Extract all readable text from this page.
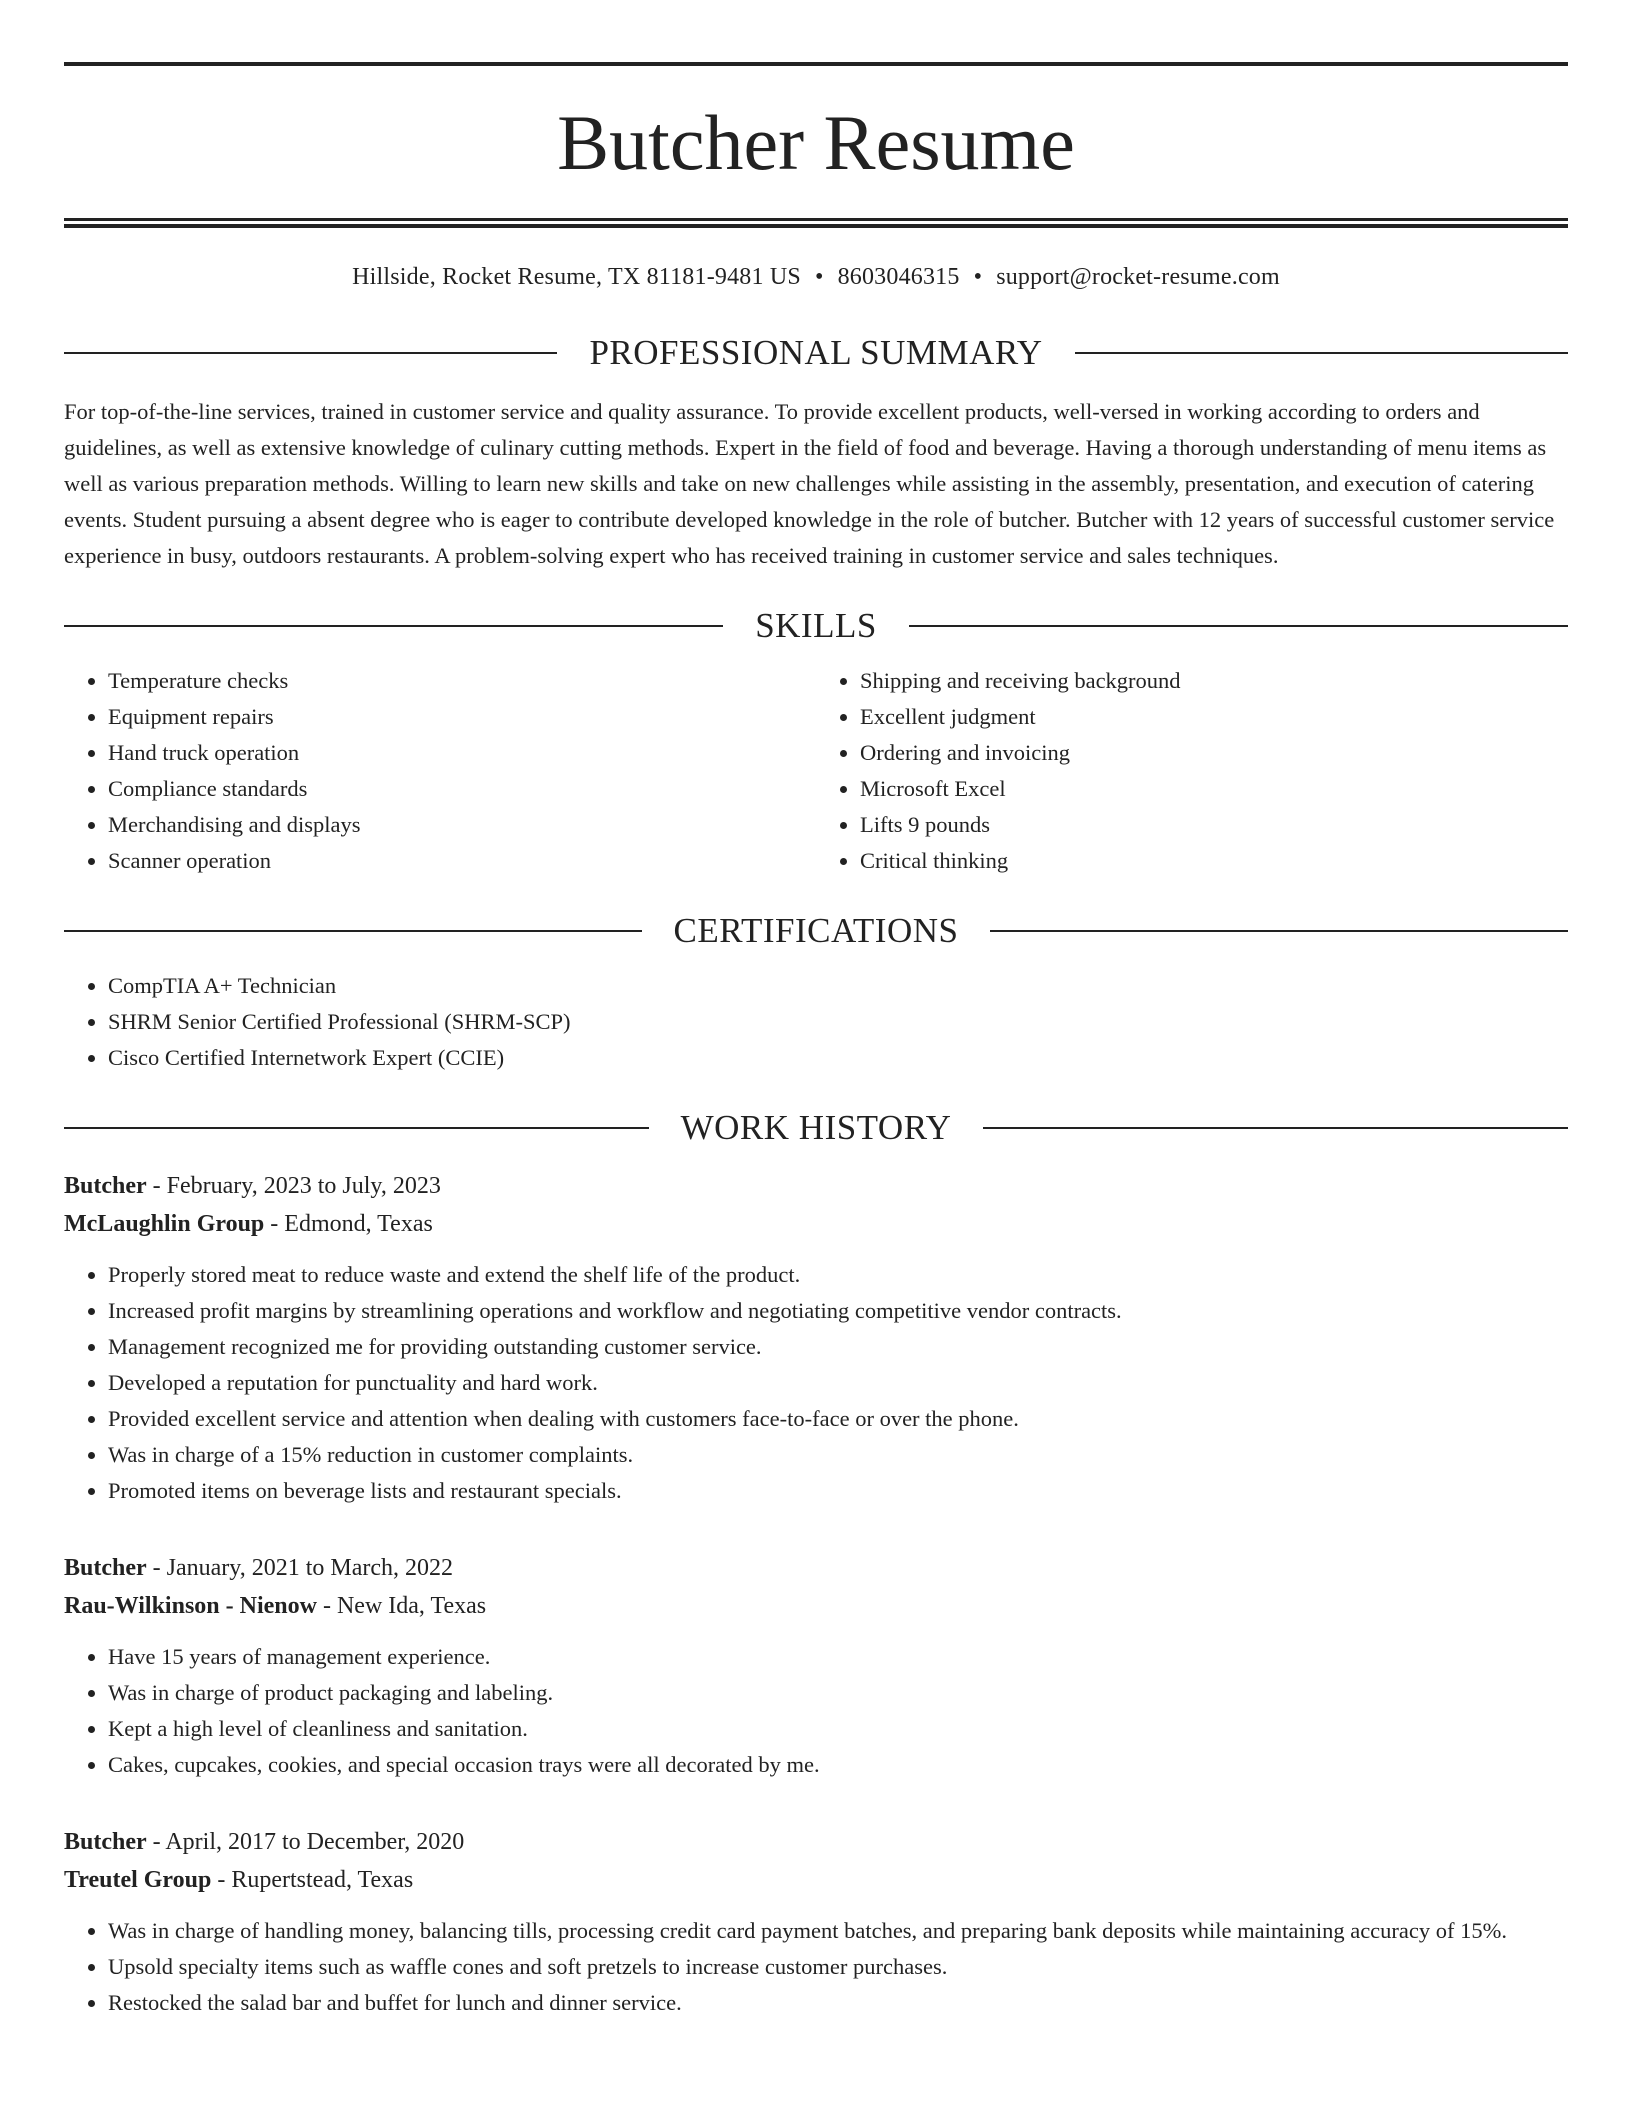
Butcher Resume
Hillside, Rocket Resume, TX 81181-9481 US • 8603046315 • support@rocket-resume.com
PROFESSIONAL SUMMARY

For top-of-the-line services, trained in customer service and quality assurance. To provide excellent products, well-versed in working according to orders and guidelines, as well as extensive knowledge of culinary cutting methods. Expert in the field of food and beverage. Having a thorough understanding of menu items as well as various preparation methods. Willing to learn new skills and take on new challenges while assisting in the assembly, presentation, and execution of catering events. Student pursuing a absent degree who is eager to contribute developed knowledge in the role of butcher. Butcher with 12 years of successful customer service experience in busy, outdoors restaurants. A problem-solving expert who has received training in customer service and sales techniques.

SKILLS
• Temperature checks
• Equipment repairs
• Hand truck operation
• Compliance standards
• Merchandising and displays
• Scanner operation
• Shipping and receiving background
• Excellent judgment
• Ordering and invoicing
• Microsoft Excel
• Lifts 9 pounds
• Critical thinking
CERTIFICATIONS
• CompTIA A+ Technician
• SHRM Senior Certified Professional (SHRM-SCP)
• Cisco Certified Internetwork Expert (CCIE)
WORK HISTORY
Butcher - February, 2023 to July, 2023
McLaughlin Group - Edmond, Texas
• Properly stored meat to reduce waste and extend the shelf life of the product.
• Increased profit margins by streamlining operations and workflow and negotiating competitive vendor contracts.
• Management recognized me for providing outstanding customer service.
• Developed a reputation for punctuality and hard work.
• Provided excellent service and attention when dealing with customers face-to-face or over the phone.
• Was in charge of a 15% reduction in customer complaints.
• Promoted items on beverage lists and restaurant specials.
Butcher - January, 2021 to March, 2022
Rau-Wilkinson - Nienow - New Ida, Texas
• Have 15 years of management experience.
• Was in charge of product packaging and labeling.
• Kept a high level of cleanliness and sanitation.
• Cakes, cupcakes, cookies, and special occasion trays were all decorated by me.
Butcher - April, 2017 to December, 2020
Treutel Group - Rupertstead, Texas
• Was in charge of handling money, balancing tills, processing credit card payment batches, and preparing bank deposits while maintaining accuracy of 15%.
• Upsold specialty items such as waffle cones and soft pretzels to increase customer purchases.
• Restocked the salad bar and buffet for lunch and dinner service.
